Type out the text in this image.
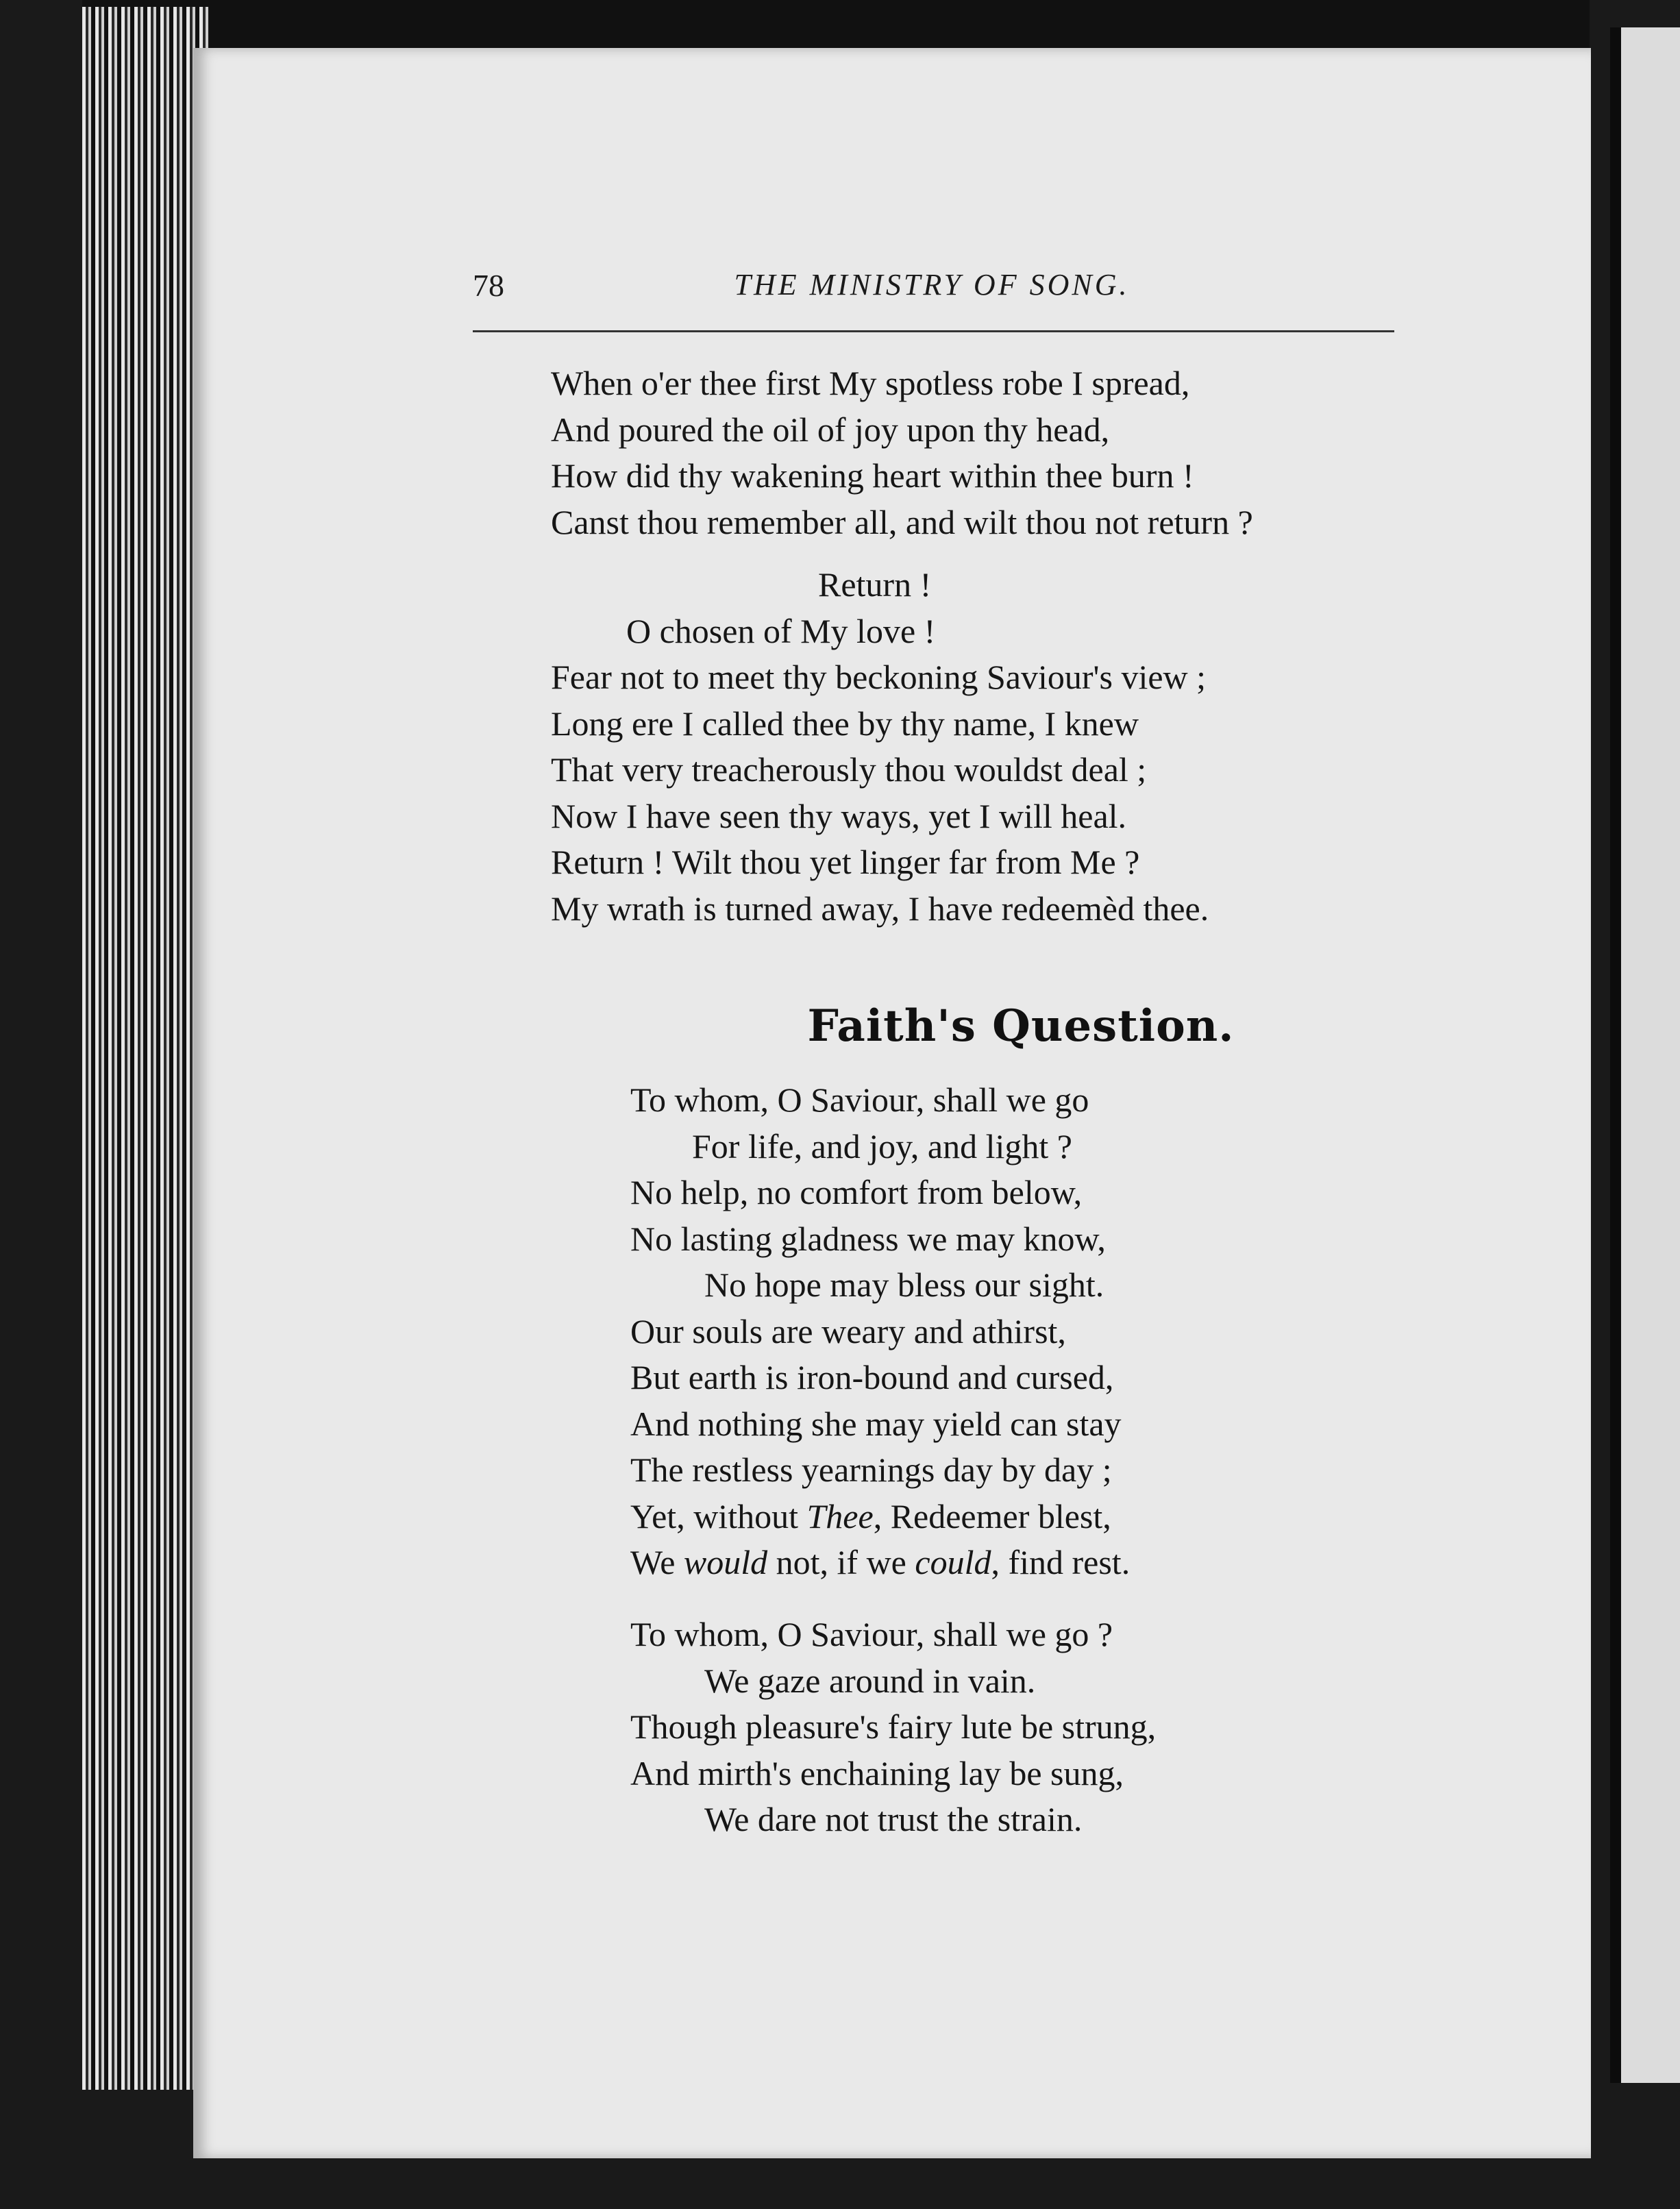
78	THE MINISTRY OF SONG.
When o'er thee first My spotless robe I spread,
And poured the oil of joy upon thy head,
How did thy wakening heart within thee burn !
Canst thou remember all, and wilt thou not return ?
Return !
O chosen of My love !
Fear not to meet thy beckoning Saviour's view ;
Long ere I called thee by thy name, I knew
That very treacherously thou wouldst deal ;
Now I have seen thy ways, yet I will heal.
Return ! Wilt thou yet linger far from Me ?
My wrath is turned away, I have redeemèd thee.
Faith's Question.
To whom, O Saviour, shall we go
For life, and joy, and light ?
No help, no comfort from below,
No lasting gladness we may know,
No hope may bless our sight.
Our souls are weary and athirst,
But earth is iron-bound and cursed,
And nothing she may yield can stay
The restless yearnings day by day ;
Yet, without Thee, Redeemer blest,
We would not, if we could, find rest.
To whom, O Saviour, shall we go ?
We gaze around in vain.
Though pleasure's fairy lute be strung,
And mirth's enchaining lay be sung,
We dare not trust the strain.
